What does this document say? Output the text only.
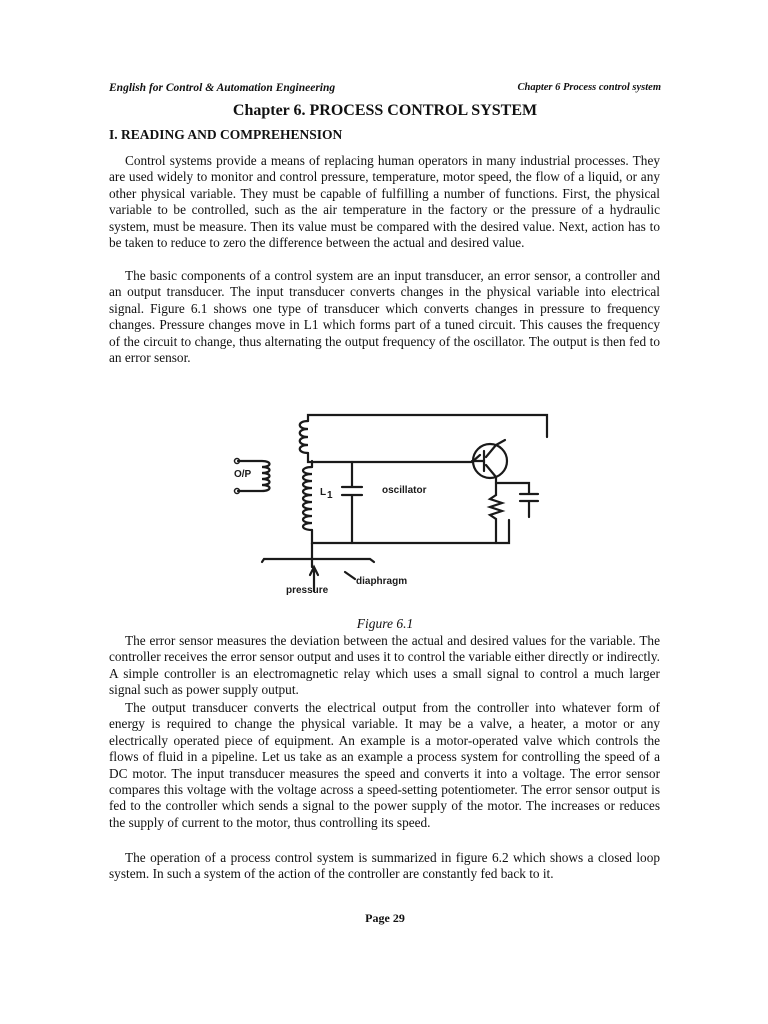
English for Control & Automation Engineering	Chapter 6 Process control system
Chapter 6. PROCESS CONTROL SYSTEM
I. READING AND COMPREHENSION

Control systems provide a means of replacing human operators in many industrial processes. They are used widely to monitor and control pressure, temperature, motor speed, the flow of a liquid, or any other physical variable. They must be capable of fulfilling a number of functions. First, the physical variable to be controlled, such as the air temperature in the factory or the pressure of a hydraulic system, must be measure. Then its value must be compared with the desired value. Next, action has to be taken to reduce to zero the difference between the actual and desired value.

The basic components of a control system are an input transducer, an error sensor, a controller and an output transducer. The input transducer converts changes in the physical variable into electrical signal. Figure 6.1 shows one type of transducer which converts changes in pressure to frequency changes. Pressure changes move in L1 which forms part of a tuned circuit. This causes the frequency of the circuit to change, thus alternating the output frequency of the oscillator. The output is then fed to an error sensor.

O/P
L 1	oscillator
diaphragm
pressure
Figure 6.1

The error sensor measures the deviation between the actual and desired values for the variable. The controller receives the error sensor output and uses it to control the variable either directly or indirectly. A simple controller is an electromagnetic relay which uses a small signal to control a much larger signal such as power supply output.

The output transducer converts the electrical output from the controller into whatever form of energy is required to change the physical variable. It may be a valve, a heater, a motor or any electrically operated piece of equipment. An example is a motor-operated valve which controls the flows of fluid in a pipeline. Let us take as an example a process system for controlling the speed of a DC motor. The input transducer measures the speed and converts it into a voltage. The error sensor compares this voltage with the voltage across a speed-setting potentiometer. The error sensor output is fed to the controller which sends a signal to the power supply of the motor. The increases or reduces the supply of current to the motor, thus controlling its speed.

The operation of a process control system is summarized in figure 6.2 which shows a closed loop system. In such a system of the action of the controller are constantly fed back to it.

Page 29
